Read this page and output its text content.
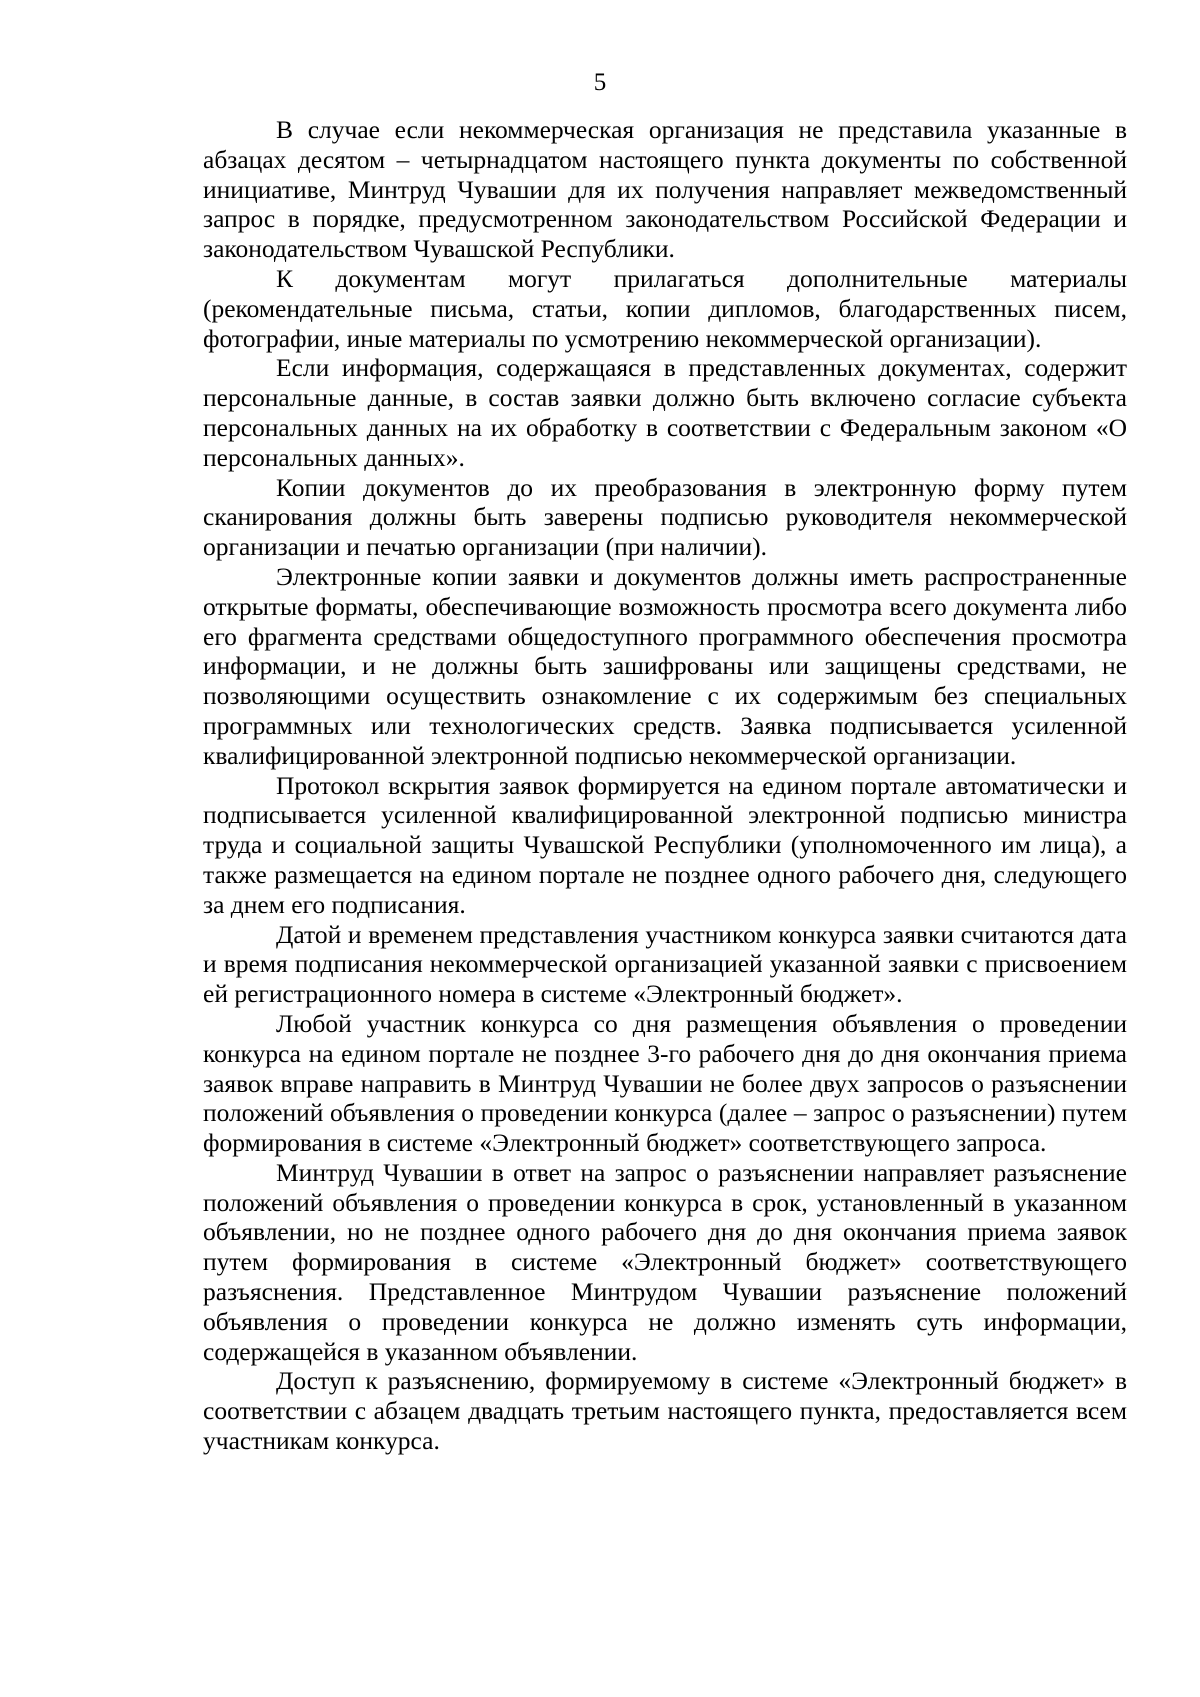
5

В случае если некоммерческая организация не представила указанные в абзацах десятом – четырнадцатом настоящего пункта документы по собственной инициативе, Минтруд Чувашии для их получения направляет межведомственный запрос в порядке, предусмотренном законодательством Российской Федерации и законодательством Чувашской Республики.

К документам могут прилагаться дополнительные материалы (рекомендательные письма, статьи, копии дипломов, благодарственных писем, фотографии, иные материалы по усмотрению некоммерческой организации).

Если информация, содержащаяся в представленных документах, содержит персональные данные, в состав заявки должно быть включено согласие субъекта персональных данных на их обработку в соответствии с Федеральным законом «О персональных данных».

Копии документов до их преобразования в электронную форму путем сканирования должны быть заверены подписью руководителя некоммерческой организации и печатью организации (при наличии).

Электронные копии заявки и документов должны иметь распространенные открытые форматы, обеспечивающие возможность просмотра всего документа либо его фрагмента средствами общедоступного программного обеспечения просмотра информации, и не должны быть зашифрованы или защищены средствами, не позволяющими осуществить ознакомление с их содержимым без специальных программных или технологических средств. Заявка подписывается усиленной квалифицированной электронной подписью некоммерческой организации.

Протокол вскрытия заявок формируется на едином портале автоматически и подписывается усиленной квалифицированной электронной подписью министра труда и социальной защиты Чувашской Республики (уполномоченного им лица), а также размещается на едином портале не позднее одного рабочего дня, следующего за днем его подписания.

Датой и временем представления участником конкурса заявки считаются дата и время подписания некоммерческой организацией указанной заявки с присвоением ей регистрационного номера в системе «Электронный бюджет».

Любой участник конкурса со дня размещения объявления о проведении конкурса на едином портале не позднее 3-го рабочего дня до дня окончания приема заявок вправе направить в Минтруд Чувашии не более двух запросов о разъяснении положений объявления о проведении конкурса (далее – запрос о разъяснении) путем формирования в системе «Электронный бюджет» соответствующего запроса.

Минтруд Чувашии в ответ на запрос о разъяснении направляет разъяснение положений объявления о проведении конкурса в срок, установленный в указанном объявлении, но не позднее одного рабочего дня до дня окончания приема заявок путем формирования в системе «Электронный бюджет» соответствующего разъяснения. Представленное Минтрудом Чувашии разъяснение положений объявления о проведении конкурса не должно изменять суть информации, содержащейся в указанном объявлении.

Доступ к разъяснению, формируемому в системе «Электронный бюджет» в соответствии с абзацем двадцать третьим настоящего пункта, предоставляется всем участникам конкурса.
